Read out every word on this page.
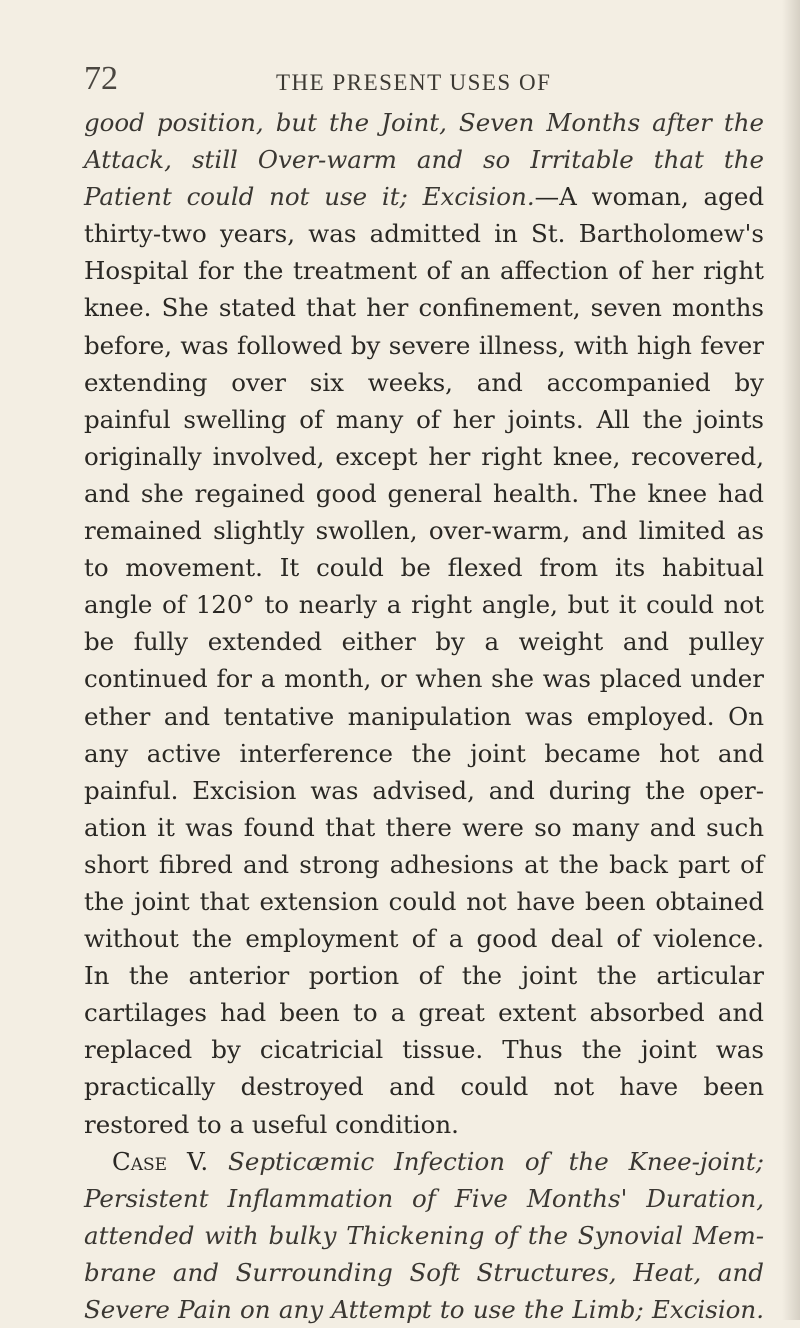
72	THE PRESENT USES OF
good position, but the Joint, Seven Months after the
Attack, still Over-warm and so Irritable that the
Patient could not use it; Excision.—A woman, aged
thirty-two years, was admitted in St. Bartholomew's
Hospital for the treatment of an affection of her right
knee. She stated that her confinement, seven months
before, was followed by severe illness, with high fever
extending over six weeks, and accompanied by
painful swelling of many of her joints. All the joints
originally involved, except her right knee, recovered,
and she regained good general health. The knee had
remained slightly swollen, over-warm, and limited as
to movement. It could be flexed from its habitual
angle of 120° to nearly a right angle, but it could not
be fully extended either by a weight and pulley
continued for a month, or when she was placed under
ether and tentative manipulation was employed. On
any active interference the joint became hot and
painful. Excision was advised, and during the oper-
ation it was found that there were so many and such
short fibred and strong adhesions at the back part of
the joint that extension could not have been obtained
without the employment of a good deal of violence.
In the anterior portion of the joint the articular
cartilages had been to a great extent absorbed and
replaced by cicatricial tissue. Thus the joint was
practically destroyed and could not have been
restored to a useful condition.
Case V. Septicæmic Infection of the Knee-joint;
Persistent Inflammation of Five Months' Duration,
attended with bulky Thickening of the Synovial Mem-
brane and Surrounding Soft Structures, Heat, and
Severe Pain on any Attempt to use the Limb; Excision.
